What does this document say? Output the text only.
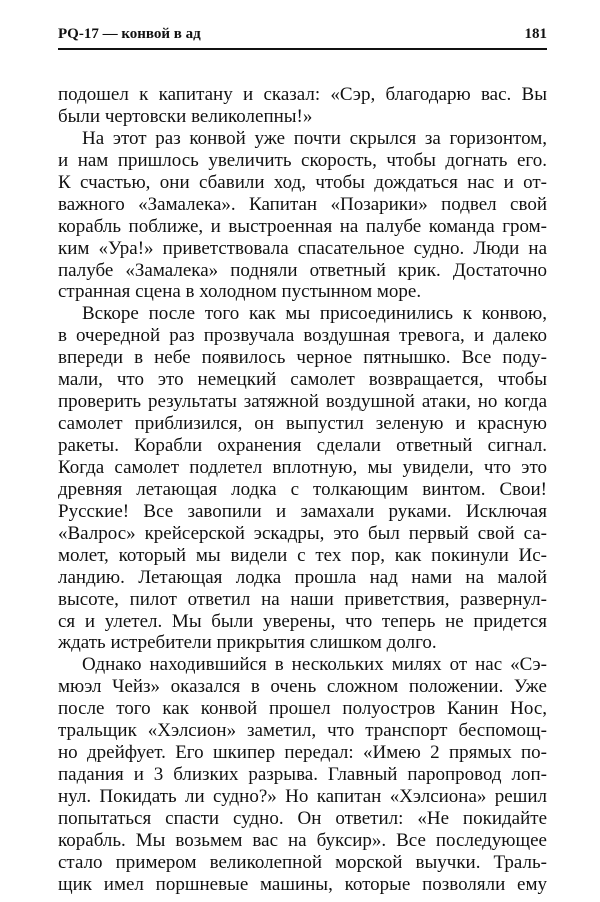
PQ-17 — конвой в ад	181
подошел к капитану и сказал: «Сэр, благодарю вас. Вы
были чертовски великолепны!»
На этот раз конвой уже почти скрылся за горизонтом,
и нам пришлось увеличить скорость, чтобы догнать его.
К счастью, они сбавили ход, чтобы дождаться нас и от-
важного «Замалека». Капитан «Позарики» подвел свой
корабль поближе, и выстроенная на палубе команда гром-
ким «Ура!» приветствовала спасательное судно. Люди на
палубе «Замалека» подняли ответный крик. Достаточно
странная сцена в холодном пустынном море.
Вскоре после того как мы присоединились к конвою,
в очередной раз прозвучала воздушная тревога, и далеко
впереди в небе появилось черное пятнышко. Все поду-
мали, что это немецкий самолет возвращается, чтобы
проверить результаты затяжной воздушной атаки, но когда
самолет приблизился, он выпустил зеленую и красную
ракеты. Корабли охранения сделали ответный сигнал.
Когда самолет подлетел вплотную, мы увидели, что это
древняя летающая лодка с толкающим винтом. Свои!
Русские! Все завопили и замахали руками. Исключая
«Валрос» крейсерской эскадры, это был первый свой са-
молет, который мы видели с тех пор, как покинули Ис-
ландию. Летающая лодка прошла над нами на малой
высоте, пилот ответил на наши приветствия, развернул-
ся и улетел. Мы были уверены, что теперь не придется
ждать истребители прикрытия слишком долго.
Однако находившийся в нескольких милях от нас «Сэ-
мюэл Чейз» оказался в очень сложном положении. Уже
после того как конвой прошел полуостров Канин Нос,
тральщик «Хэлсион» заметил, что транспорт беспомощ-
но дрейфует. Его шкипер передал: «Имею 2 прямых по-
падания и 3 близких разрыва. Главный паропровод лоп-
нул. Покидать ли судно?» Но капитан «Хэлсиона» решил
попытаться спасти судно. Он ответил: «Не покидайте
корабль. Мы возьмем вас на буксир». Все последующее
стало примером великолепной морской выучки. Траль-
щик имел поршневые машины, которые позволяли ему
